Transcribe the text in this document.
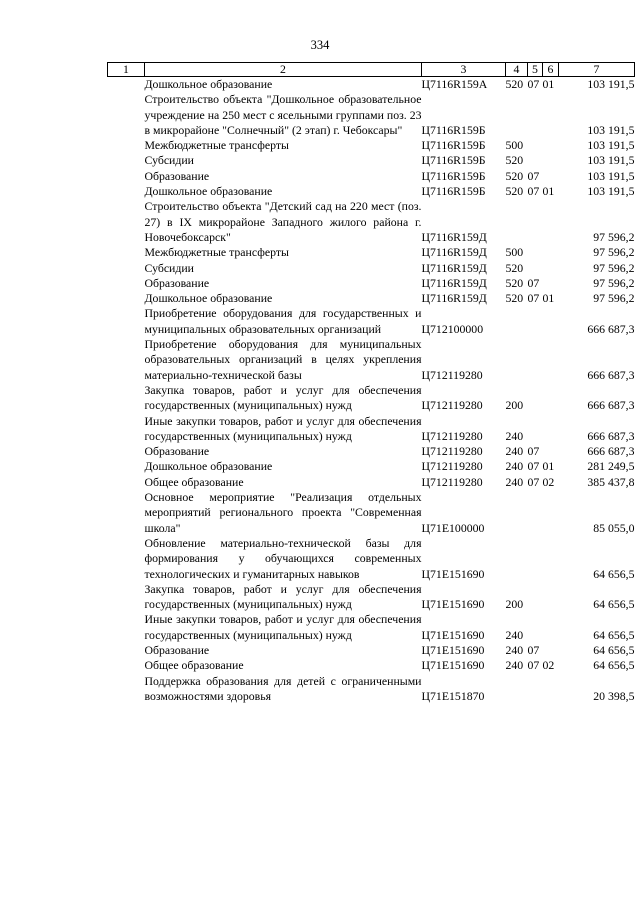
334
1	2	3	4	5	6	7
	Дошкольное образование	Ц7116R159А	520	07	01	103 191,5
	Строительство объекта "Дошкольное образовательное учреждение на 250 мест с ясельными группами поз. 23 в микрорайоне "Солнечный" (2 этап) г. Чебоксары"	Ц7116R159Б				103 191,5
	Межбюджетные трансферты	Ц7116R159Б	500			103 191,5
	Субсидии	Ц7116R159Б	520			103 191,5
	Образование	Ц7116R159Б	520	07		103 191,5
	Дошкольное образование	Ц7116R159Б	520	07	01	103 191,5
	Строительство объекта "Детский сад на 220 мест (поз. 27) в IX микрорайоне Западного жилого района г. Новочебоксарск"	Ц7116R159Д				97 596,2
	Межбюджетные трансферты	Ц7116R159Д	500			97 596,2
	Субсидии	Ц7116R159Д	520			97 596,2
	Образование	Ц7116R159Д	520	07		97 596,2
	Дошкольное образование	Ц7116R159Д	520	07	01	97 596,2
	Приобретение оборудования для государственных и муниципальных образовательных организаций	Ц712100000				666 687,3
	Приобретение оборудования для муниципальных образовательных организаций в целях укрепления материально-технической базы	Ц712119280				666 687,3
	Закупка товаров, работ и услуг для обеспечения государственных (муниципальных) нужд	Ц712119280	200			666 687,3
	Иные закупки товаров, работ и услуг для обеспечения государственных (муниципальных) нужд	Ц712119280	240			666 687,3
	Образование	Ц712119280	240	07		666 687,3
	Дошкольное образование	Ц712119280	240	07	01	281 249,5
	Общее образование	Ц712119280	240	07	02	385 437,8
	Основное мероприятие "Реализация отдельных мероприятий регионального проекта "Современная школа"	Ц71Е100000				85 055,0
	Обновление материально-технической базы для формирования у обучающихся современных технологических и гуманитарных навыков	Ц71Е151690				64 656,5
	Закупка товаров, работ и услуг для обеспечения государственных (муниципальных) нужд	Ц71Е151690	200			64 656,5
	Иные закупки товаров, работ и услуг для обеспечения государственных (муниципальных) нужд	Ц71Е151690	240			64 656,5
	Образование	Ц71Е151690	240	07		64 656,5
	Общее образование	Ц71Е151690	240	07	02	64 656,5
	Поддержка образования для детей с ограниченными возможностями здоровья	Ц71Е151870				20 398,5
